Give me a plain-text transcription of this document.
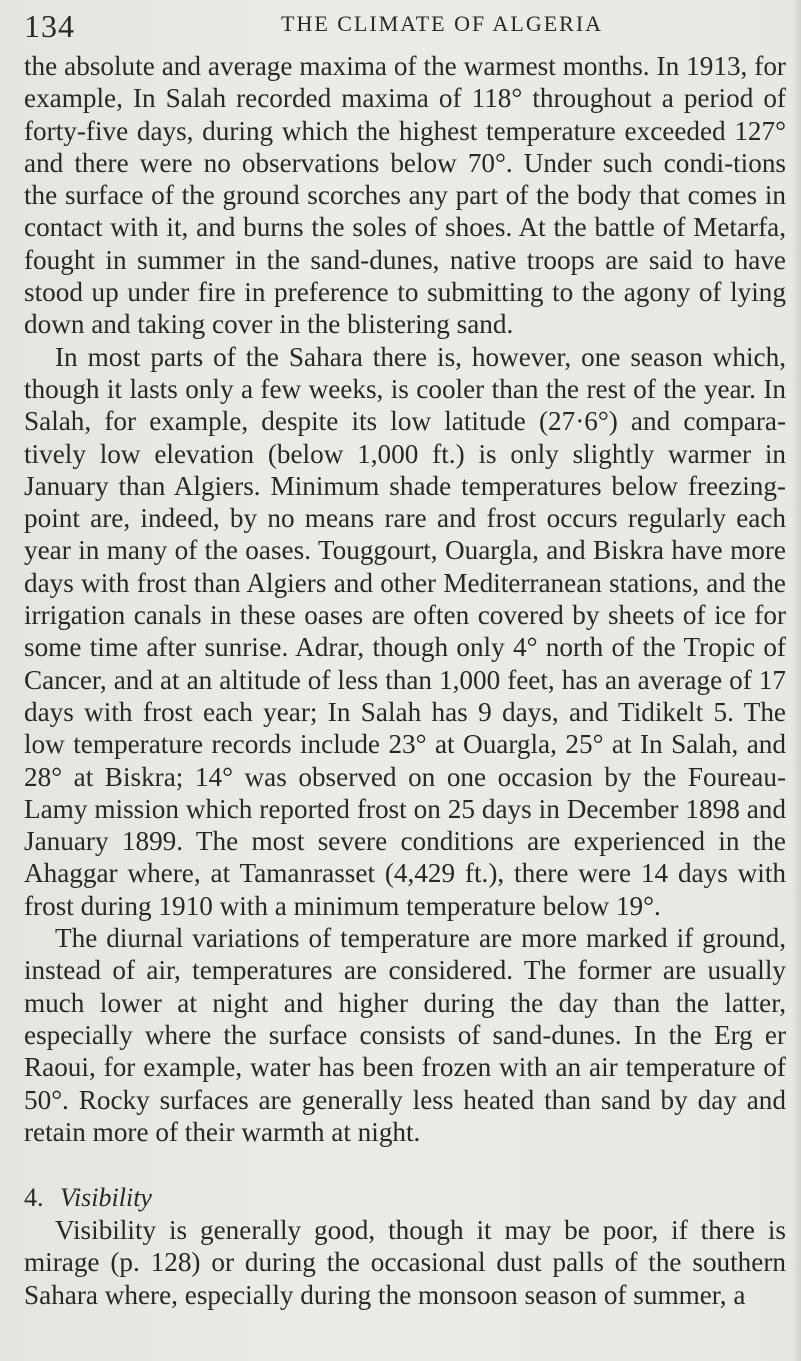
134	THE CLIMATE OF ALGERIA

the absolute and average maxima of the warmest months. In 1913, for example, In Salah recorded maxima of 118° throughout a period of forty-five days, during which the highest temperature exceeded 127° and there were no observations below 70°. Under such condi-tions the surface of the ground scorches any part of the body that comes in contact with it, and burns the soles of shoes. At the battle of Metarfa, fought in summer in the sand-dunes, native troops are said to have stood up under fire in preference to submitting to the agony of lying down and taking cover in the blistering sand.

In most parts of the Sahara there is, however, one season which, though it lasts only a few weeks, is cooler than the rest of the year. In Salah, for example, despite its low latitude (27·6°) and compara-tively low elevation (below 1,000 ft.) is only slightly warmer in January than Algiers. Minimum shade temperatures below freezing-point are, indeed, by no means rare and frost occurs regularly each year in many of the oases. Touggourt, Ouargla, and Biskra have more days with frost than Algiers and other Mediterranean stations, and the irrigation canals in these oases are often covered by sheets of ice for some time after sunrise. Adrar, though only 4° north of the Tropic of Cancer, and at an altitude of less than 1,000 feet, has an average of 17 days with frost each year; In Salah has 9 days, and Tidikelt 5. The low temperature records include 23° at Ouargla, 25° at In Salah, and 28° at Biskra; 14° was observed on one occasion by the Foureau-Lamy mission which reported frost on 25 days in December 1898 and January 1899. The most severe conditions are experienced in the Ahaggar where, at Tamanrasset (4,429 ft.), there were 14 days with frost during 1910 with a minimum temperature below 19°.

The diurnal variations of temperature are more marked if ground, instead of air, temperatures are considered. The former are usually much lower at night and higher during the day than the latter, especially where the surface consists of sand-dunes. In the Erg er Raoui, for example, water has been frozen with an air temperature of 50°. Rocky surfaces are generally less heated than sand by day and retain more of their warmth at night.

4. Visibility

Visibility is generally good, though it may be poor, if there is mirage (p. 128) or during the occasional dust palls of the southern Sahara where, especially during the monsoon season of summer, a
